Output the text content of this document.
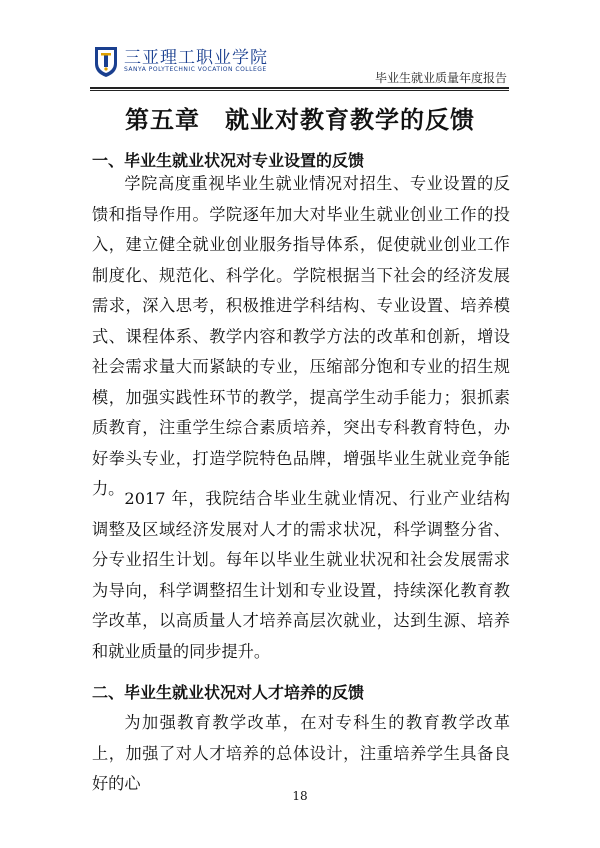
三亚理工职业学院
SANYA POLYTECHNIC VOCATION COLLEGE
毕业生就业质量年度报告
第五章　就业对教育教学的反馈
一、毕业生就业状况对专业设置的反馈

学院高度重视毕业生就业情况对招生、专业设置的反馈和指导作用。学院逐年加大对毕业生就业创业工作的投入，建立健全就业创业服务指导体系，促使就业创业工作制度化、规范化、科学化。学院根据当下社会的经济发展需求，深入思考，积极推进学科结构、专业设置、培养模式、课程体系、教学内容和教学方法的改革和创新，增设社会需求量大而紧缺的专业，压缩部分饱和专业的招生规模，加强实践性环节的教学，提高学生动手能力；狠抓素质教育，注重学生综合素质培养，突出专科教育特色，办好拳头专业，打造学院特色品牌，增强毕业生就业竞争能力。

2017 年，我院结合毕业生就业情况、行业产业结构调整及区域经济发展对人才的需求状况，科学调整分省、分专业招生计划。每年以毕业生就业状况和社会发展需求为导向，科学调整招生计划和专业设置，持续深化教育教学改革，以高质量人才培养高层次就业，达到生源、培养和就业质量的同步提升。

二、毕业生就业状况对人才培养的反馈

为加强教育教学改革，在对专科生的教育教学改革上，加强了对人才培养的总体设计，注重培养学生具备良好的心

18
